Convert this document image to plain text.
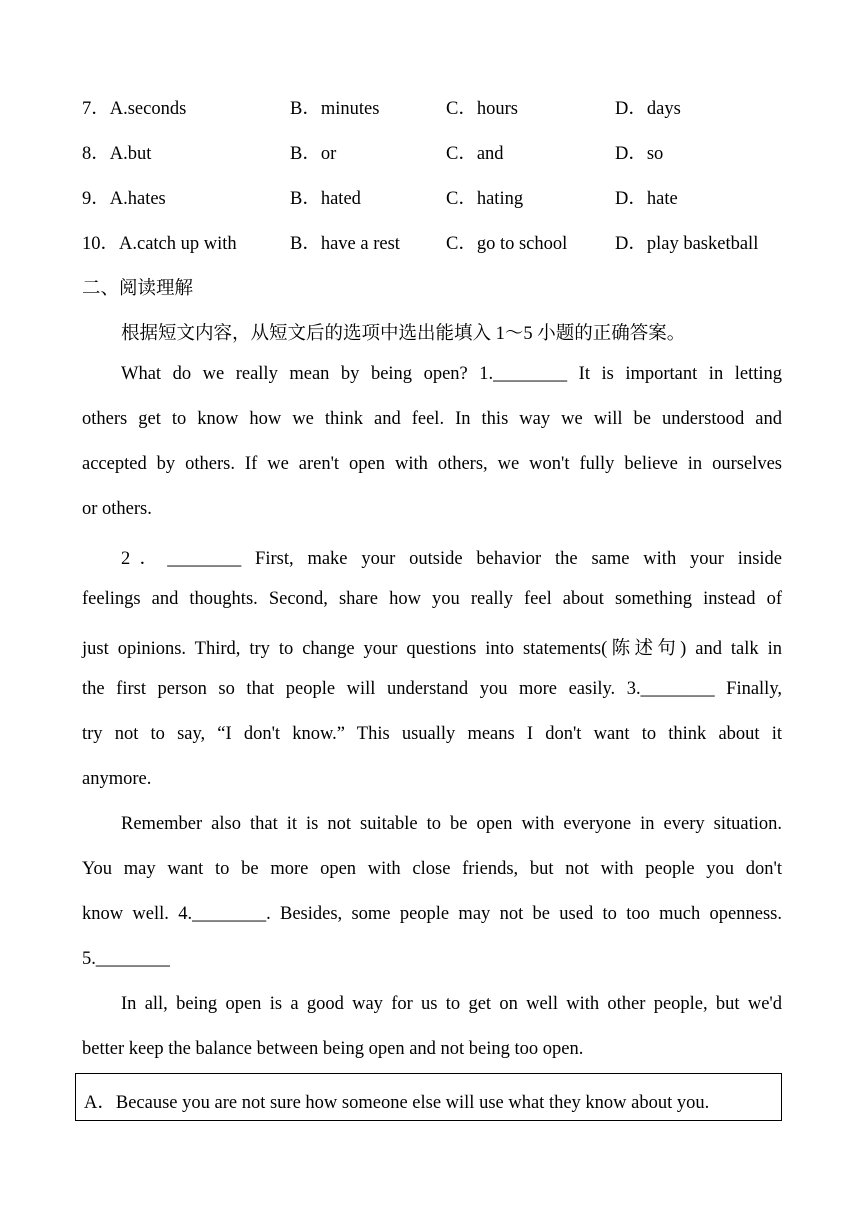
7．A.seconds	B．minutes	C．hours	D．days
8．A.but	B．or	C．and	D．so
9．A.hates	B．hated	C．hating	D．hate
10．A.catch up with	B．have a rest C．go to school	D．play basketball
二、阅读理解
根据短文内容，从短文后的选项中选出能填入 1～5 小题的正确答案。
What do we really mean by being open? 1.________ It is important in letting
others get to know how we think and feel. In this way we will be understood and
accepted by others. If we aren't open with others, we won't fully believe in ourselves
or others.
2．________ First, make your outside behavior the same with your inside
feelings and thoughts. Second, share how you really feel about something instead of
just opinions. Third, try to change your questions into statements(陈述句) and talk in
the first person so that people will understand you more easily. 3.________ Finally,
try not to say, “I don't know.” This usually means I don't want to think about it
anymore.
Remember also that it is not suitable to be open with everyone in every situation.
You may want to be more open with close friends, but not with people you don't
know well. 4.________. Besides, some people may not be used to too much openness.
5.________
In all, being open is a good way for us to get on well with other people, but we'd
better keep the balance between being open and not being too open.
A．Because you are not sure how someone else will use what they know about you.
